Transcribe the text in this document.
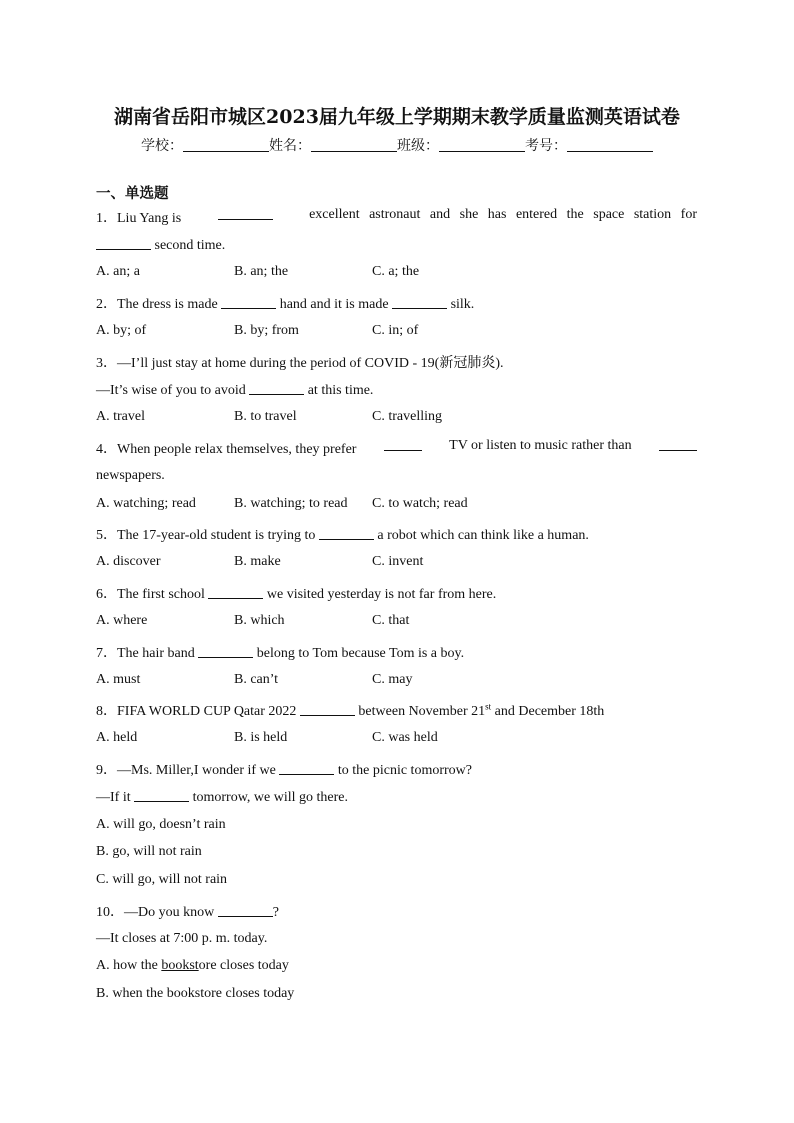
湖南省岳阳市城区2023届九年级上学期期末教学质量监测英语试卷
学校：	姓名：	班级：	考号：
一、单选题
1．Liu Yang is	excellent astronaut and she has entered the space station for
second time.
A. an; a	B. an; the	C. a; the
2．The dress is made	hand and it is made	silk.
A. by; of	B. by; from	C. in; of
3．—I’ll just stay at home during the period of COVID - 19(新冠肺炎).
—It’s wise of you to avoid	at this time.
A. travel	B. to travel	C. travelling
4．When people relax themselves, they prefer	TV or listen to music rather than
newspapers.
A. watching; read	B. watching; to read	C. to watch; read
5．The 17-year-old student is trying to	a robot which can think like a human.
A. discover	B. make	C. invent
6．The first school	we visited yesterday is not far from here.
A. where	B. which	C. that
7．The hair band	belong to Tom because Tom is a boy.
A. must	B. can’t	C. may
8．FIFA WORLD CUP Qatar 2022	between November 21st and December 18th
A. held	B. is held	C. was held
9．—Ms. Miller,I wonder if we	to the picnic tomorrow?
—If it	tomorrow, we will go there.
A. will go, doesn’t rain
B. go, will not rain
C. will go, will not rain
10．—Do you know	?
—It closes at 7:00 p. m. today.
A. how the bookstore closes today
B. when the bookstore closes today
